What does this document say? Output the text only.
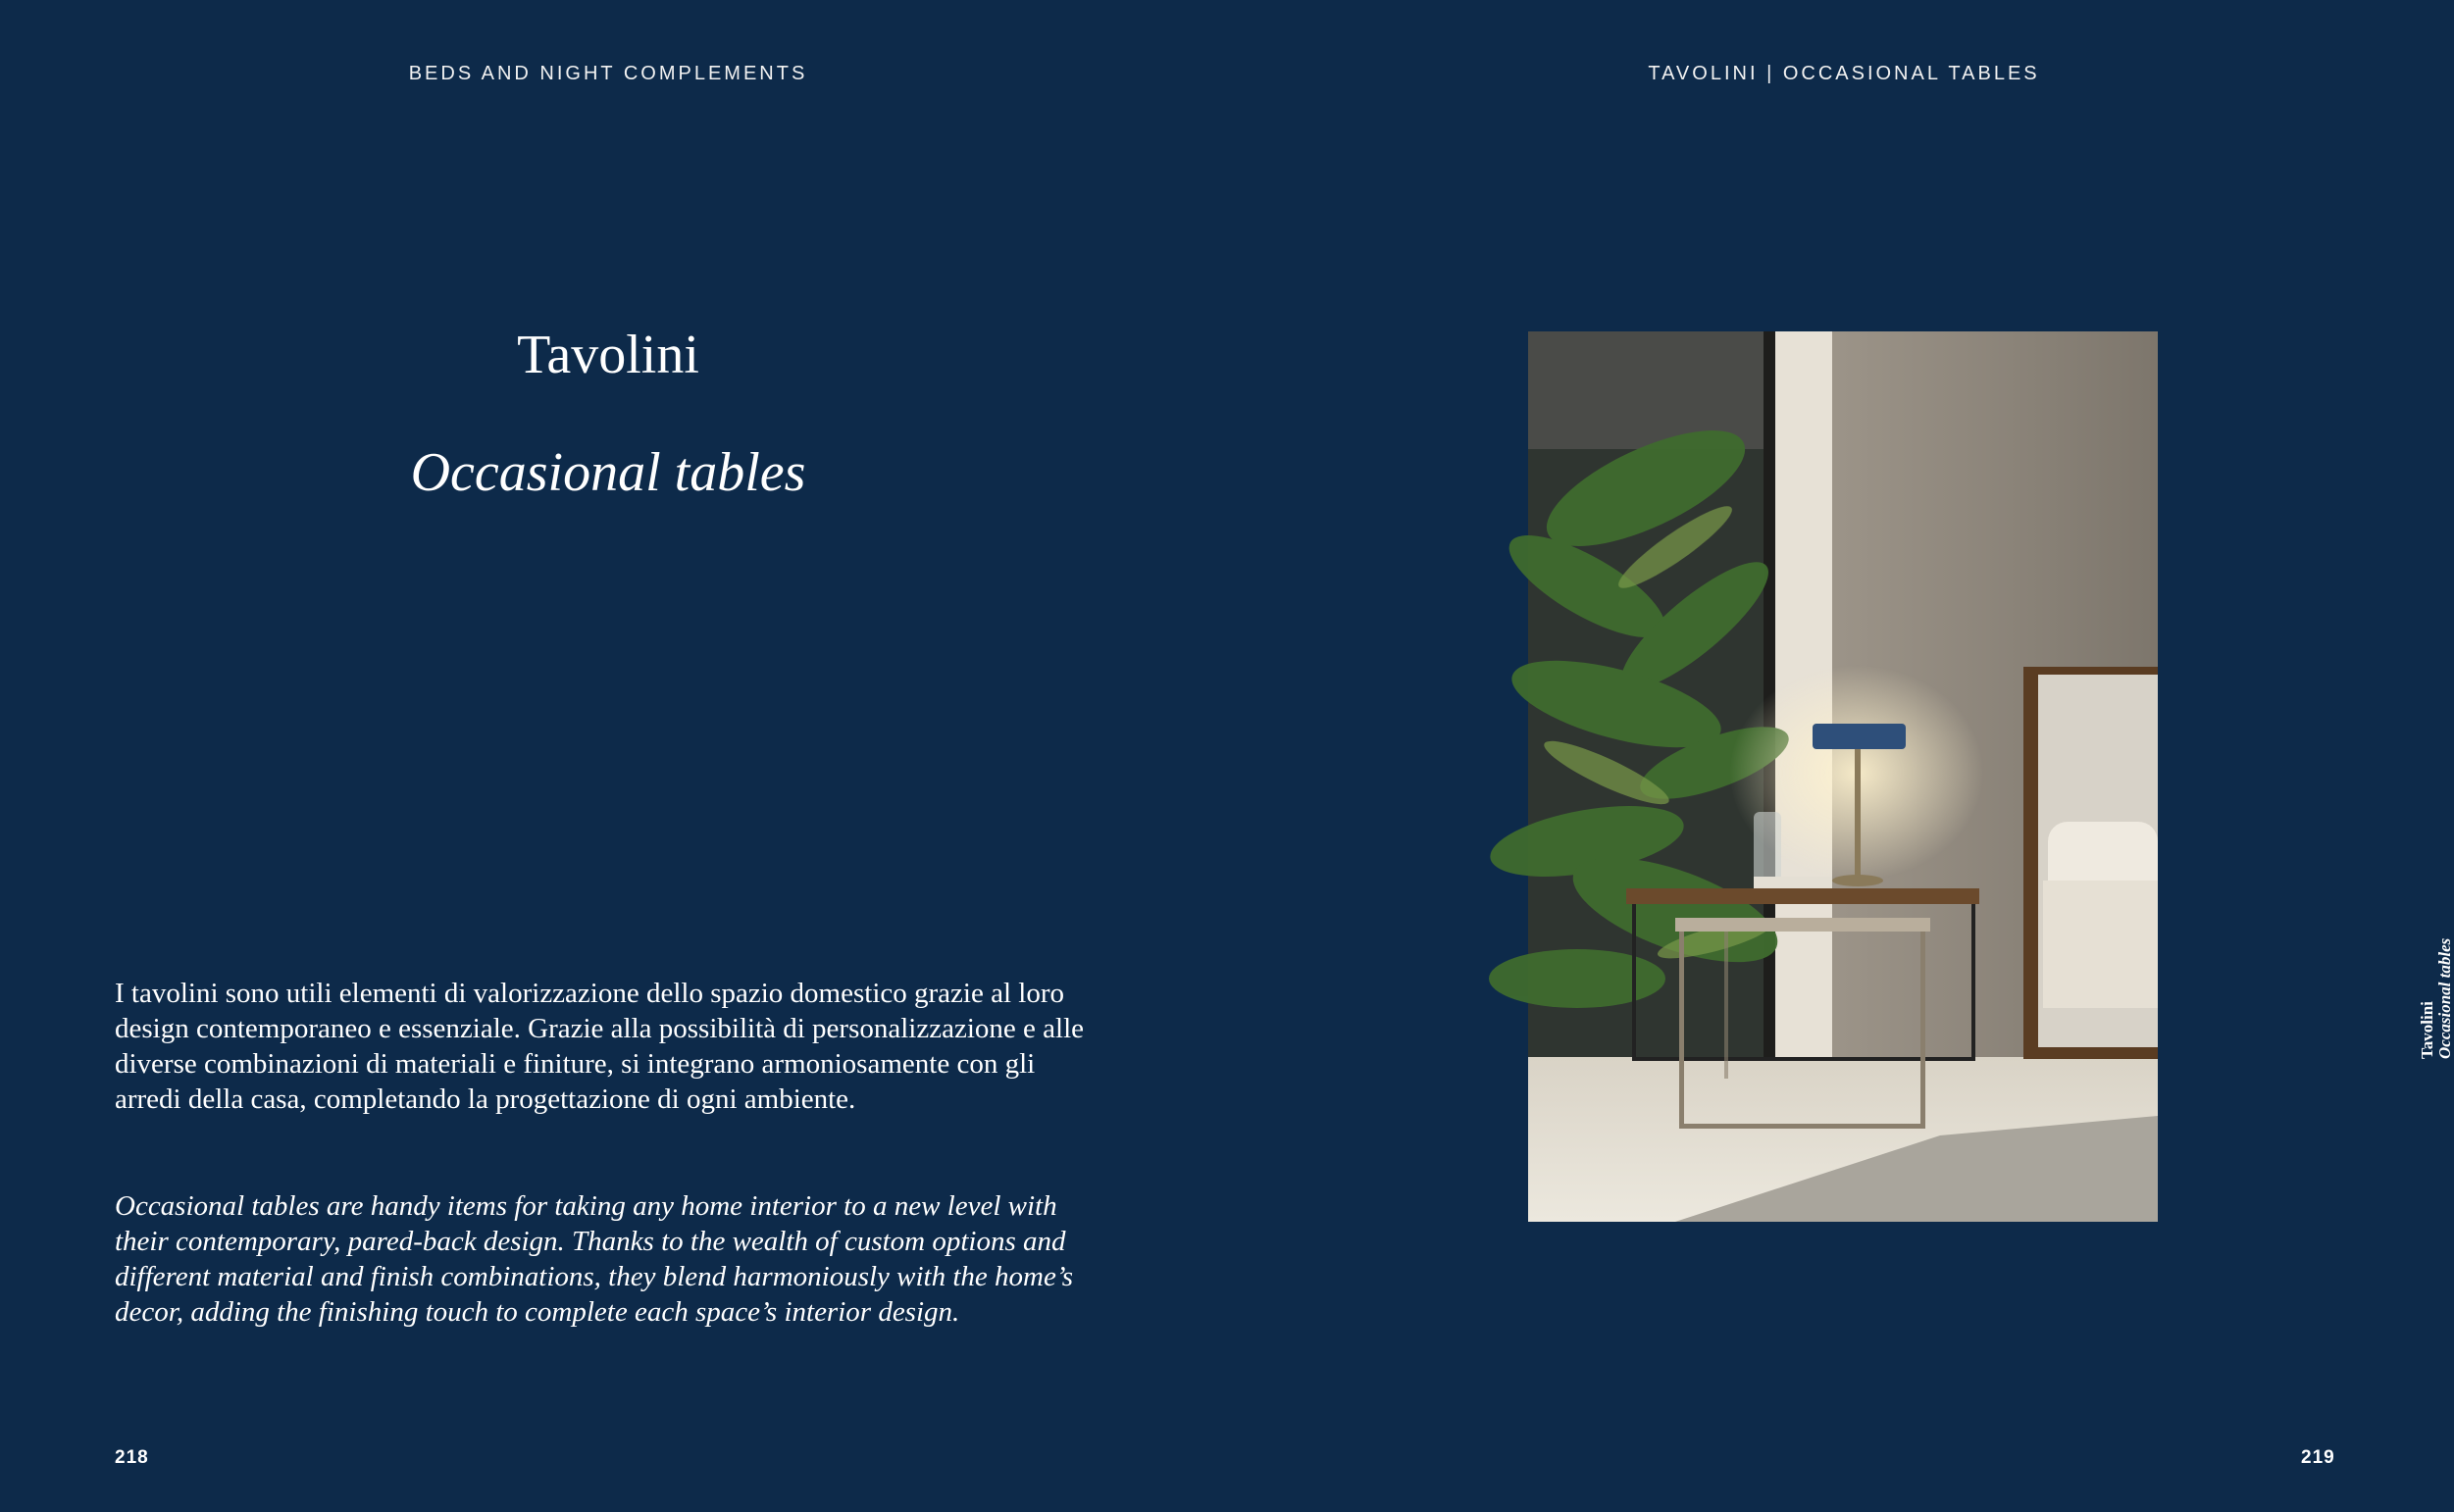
BEDS AND NIGHT COMPLEMENTS	TAVOLINI | OCCASIONAL TABLES
Tavolini
Occasional tables

I tavolini sono utili elementi di valorizzazione dello spazio domestico grazie al loro design contemporaneo e essenziale. Grazie alla possibilità di personalizzazione e alle diverse combinazioni di materiali e finiture, si integrano armoniosamente con gli arredi della casa, completando la progettazione di ogni ambiente.

Occasional tables are handy items for taking any home interior to a new level with their contemporary, pared-back design. Thanks to the wealth of custom options and different material and finish combinations, they blend harmoniously with the home’s decor, adding the finishing touch to complete each space’s interior design.

218	219
Tavolini Occasional tables
